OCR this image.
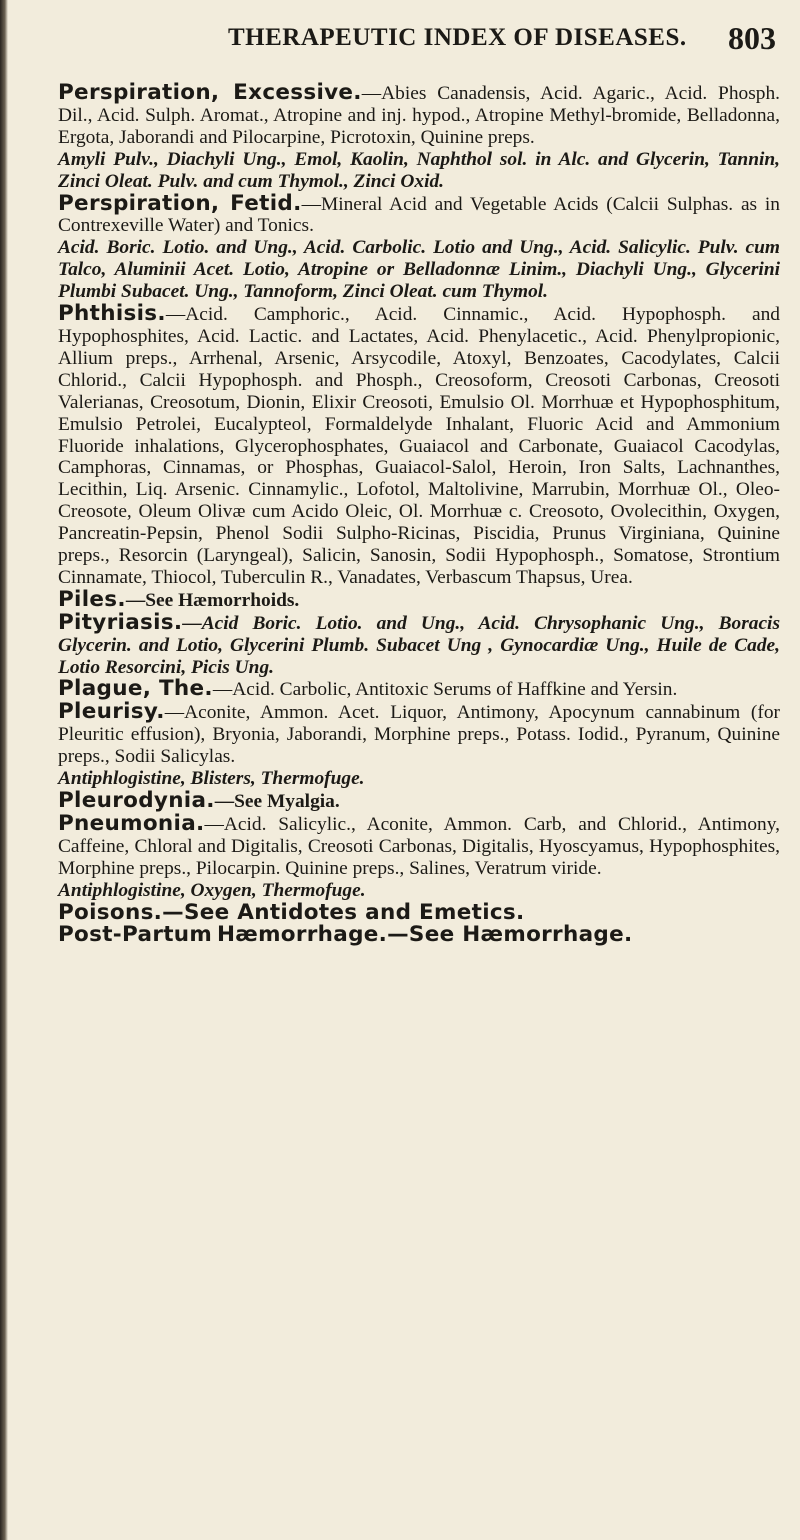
THERAPEUTIC INDEX OF DISEASES. 803

Perspiration, Excessive.—Abies Canadensis, Acid. Agaric., Acid. Phosph. Dil., Acid. Sulph. Aromat., Atropine and inj. hypod., Atropine Methyl-bromide, Belladonna, Ergota, Jaborandi and Pilocarpine, Picrotoxin, Quinine preps.

Amyli Pulv., Diachyli Ung., Emol, Kaolin, Naphthol sol. in Alc. and Glycerin, Tannin, Zinci Oleat. Pulv. and cum Thymol., Zinci Oxid.

Perspiration, Fetid.—Mineral Acid and Vegetable Acids (Calcii Sulphas. as in Contrexeville Water) and Tonics.

Acid. Boric. Lotio. and Ung., Acid. Carbolic. Lotio and Ung., Acid. Salicylic. Pulv. cum Talco, Aluminii Acet. Lotio, Atropine or Belladonnæ Linim., Diachyli Ung., Glycerini Plumbi Subacet. Ung., Tannoform, Zinci Oleat. cum Thymol.

Phthisis.—Acid. Camphoric., Acid. Cinnamic., Acid. Hypophosph. and Hypophosphites, Acid. Lactic. and Lactates, Acid. Phenylacetic., Acid. Phenylpropionic, Allium preps., Arrhenal, Arsenic, Arsycodile, Atoxyl, Benzoates, Cacodylates, Calcii Chlorid., Calcii Hypophosph. and Phosph., Creosoform, Creosoti Carbonas, Creosoti Valerianas, Creosotum, Dionin, Elixir Creosoti, Emulsio Ol. Morrhuæ et Hypophosphitum, Emulsio Petrolei, Eucalypteol, Formaldelyde Inhalant, Fluoric Acid and Ammonium Fluoride inhalations, Glycerophosphates, Guaiacol and Carbonate, Guaiacol Cacodylas, Camphoras, Cinnamas, or Phosphas, Guaiacol-Salol, Heroin, Iron Salts, Lachnanthes, Lecithin, Liq. Arsenic. Cinnamylic., Lofotol, Maltolivine, Marrubin, Morrhuæ Ol., Oleo-Creosote, Oleum Olivæ cum Acido Oleic, Ol. Morrhuæ c. Creosoto, Ovolecithin, Oxygen, Pancreatin-Pepsin, Phenol Sodii Sulpho-Ricinas, Piscidia, Prunus Virginiana, Quinine preps., Resorcin (Laryngeal), Salicin, Sanosin, Sodii Hypophosph., Somatose, Strontium Cinnamate, Thiocol, Tuberculin R., Vanadates, Verbascum Thapsus, Urea.

Piles.—See Hæmorrhoids.

Pityriasis.—Acid Boric. Lotio. and Ung., Acid. Chrysophanic Ung., Boracis Glycerin. and Lotio, Glycerini Plumb. Subacet Ung , Gynocardiæ Ung., Huile de Cade, Lotio Resorcini, Picis Ung.

Plague, The.—Acid. Carbolic, Antitoxic Serums of Haffkine and Yersin.

Pleurisy.—Aconite, Ammon. Acet. Liquor, Antimony, Apocynum cannabinum (for Pleuritic effusion), Bryonia, Jaborandi, Morphine preps., Potass. Iodid., Pyranum, Quinine preps., Sodii Salicylas.

Antiphlogistine, Blisters, Thermofuge.

Pleurodynia.—See Myalgia.

Pneumonia.—Acid. Salicylic., Aconite, Ammon. Carb, and Chlorid., Antimony, Caffeine, Chloral and Digitalis, Creosoti Carbonas, Digitalis, Hyoscyamus, Hypophosphites, Morphine preps., Pilocarpin. Quinine preps., Salines, Veratrum viride.

Antiphlogistine, Oxygen, Thermofuge.

Poisons.—See Antidotes and Emetics.

Post-Partum Hæmorrhage.—See Hæmorrhage.
